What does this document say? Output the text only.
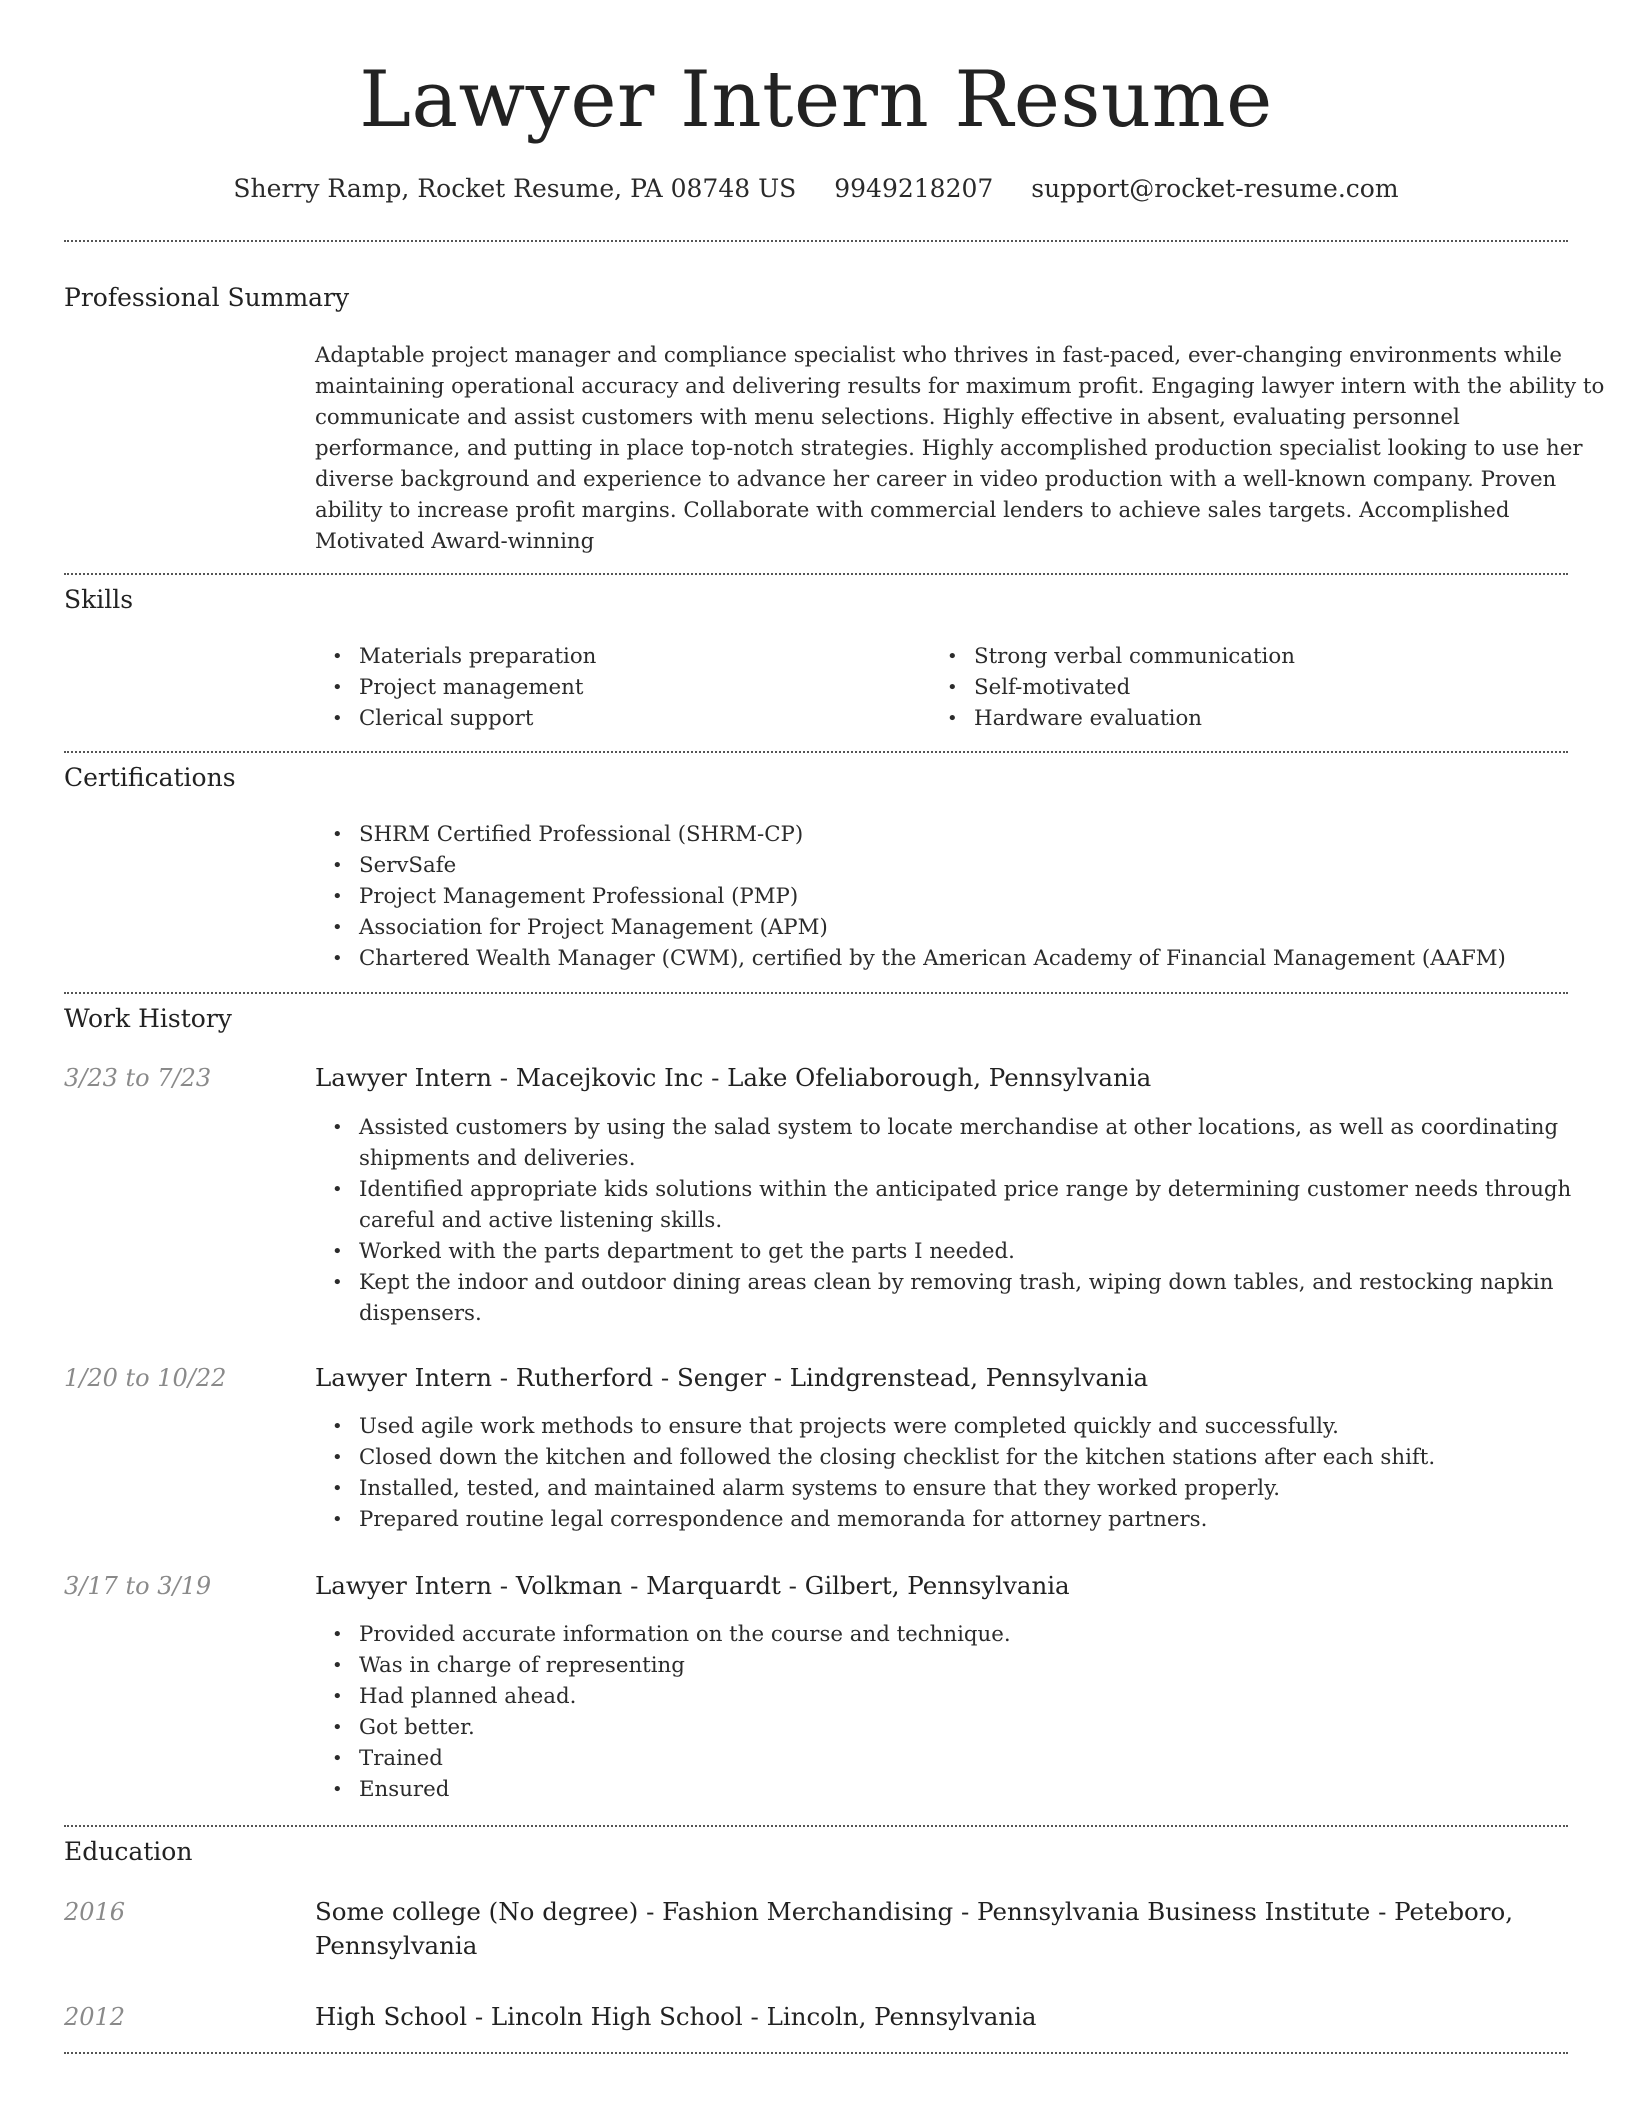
Lawyer Intern Resume
Sherry Ramp, Rocket Resume, PA 08748 US 9949218207 support@rocket-resume.com
Professional Summary

Adaptable project manager and compliance specialist who thrives in fast-paced, ever-changing environments while maintaining operational accuracy and delivering results for maximum profit. Engaging lawyer intern with the ability to communicate and assist customers with menu selections. Highly effective in absent, evaluating personnel performance, and putting in place top-notch strategies. Highly accomplished production specialist looking to use her diverse background and experience to advance her career in video production with a well-known company. Proven ability to increase profit margins. Collaborate with commercial lenders to achieve sales targets. Accomplished Motivated Award-winning

Skills
• Materials preparation
• Project management
• Clerical support
• Strong verbal communication
• Self-motivated
• Hardware evaluation
Certifications
• SHRM Certified Professional (SHRM-CP)
• ServSafe
• Project Management Professional (PMP)
• Association for Project Management (APM)
• Chartered Wealth Manager (CWM), certified by the American Academy of Financial Management (AAFM)
Work History
3/23 to 7/23	Lawyer Intern - Macejkovic Inc - Lake Ofeliaborough, Pennsylvania
• Assisted customers by using the salad system to locate merchandise at other locations, as well as coordinating shipments and deliveries.
• Identified appropriate kids solutions within the anticipated price range by determining customer needs through careful and active listening skills.
• Worked with the parts department to get the parts I needed.
• Kept the indoor and outdoor dining areas clean by removing trash, wiping down tables, and restocking napkin dispensers.
1/20 to 10/22	Lawyer Intern - Rutherford - Senger - Lindgrenstead, Pennsylvania
• Used agile work methods to ensure that projects were completed quickly and successfully.
• Closed down the kitchen and followed the closing checklist for the kitchen stations after each shift.
• Installed, tested, and maintained alarm systems to ensure that they worked properly.
• Prepared routine legal correspondence and memoranda for attorney partners.
3/17 to 3/19	Lawyer Intern - Volkman - Marquardt - Gilbert, Pennsylvania
• Provided accurate information on the course and technique.
• Was in charge of representing
• Had planned ahead.
• Got better.
• Trained
• Ensured
Education
2016	Some college (No degree) - Fashion Merchandising - Pennsylvania Business Institute - Peteboro, Pennsylvania
2012	High School - Lincoln High School - Lincoln, Pennsylvania
